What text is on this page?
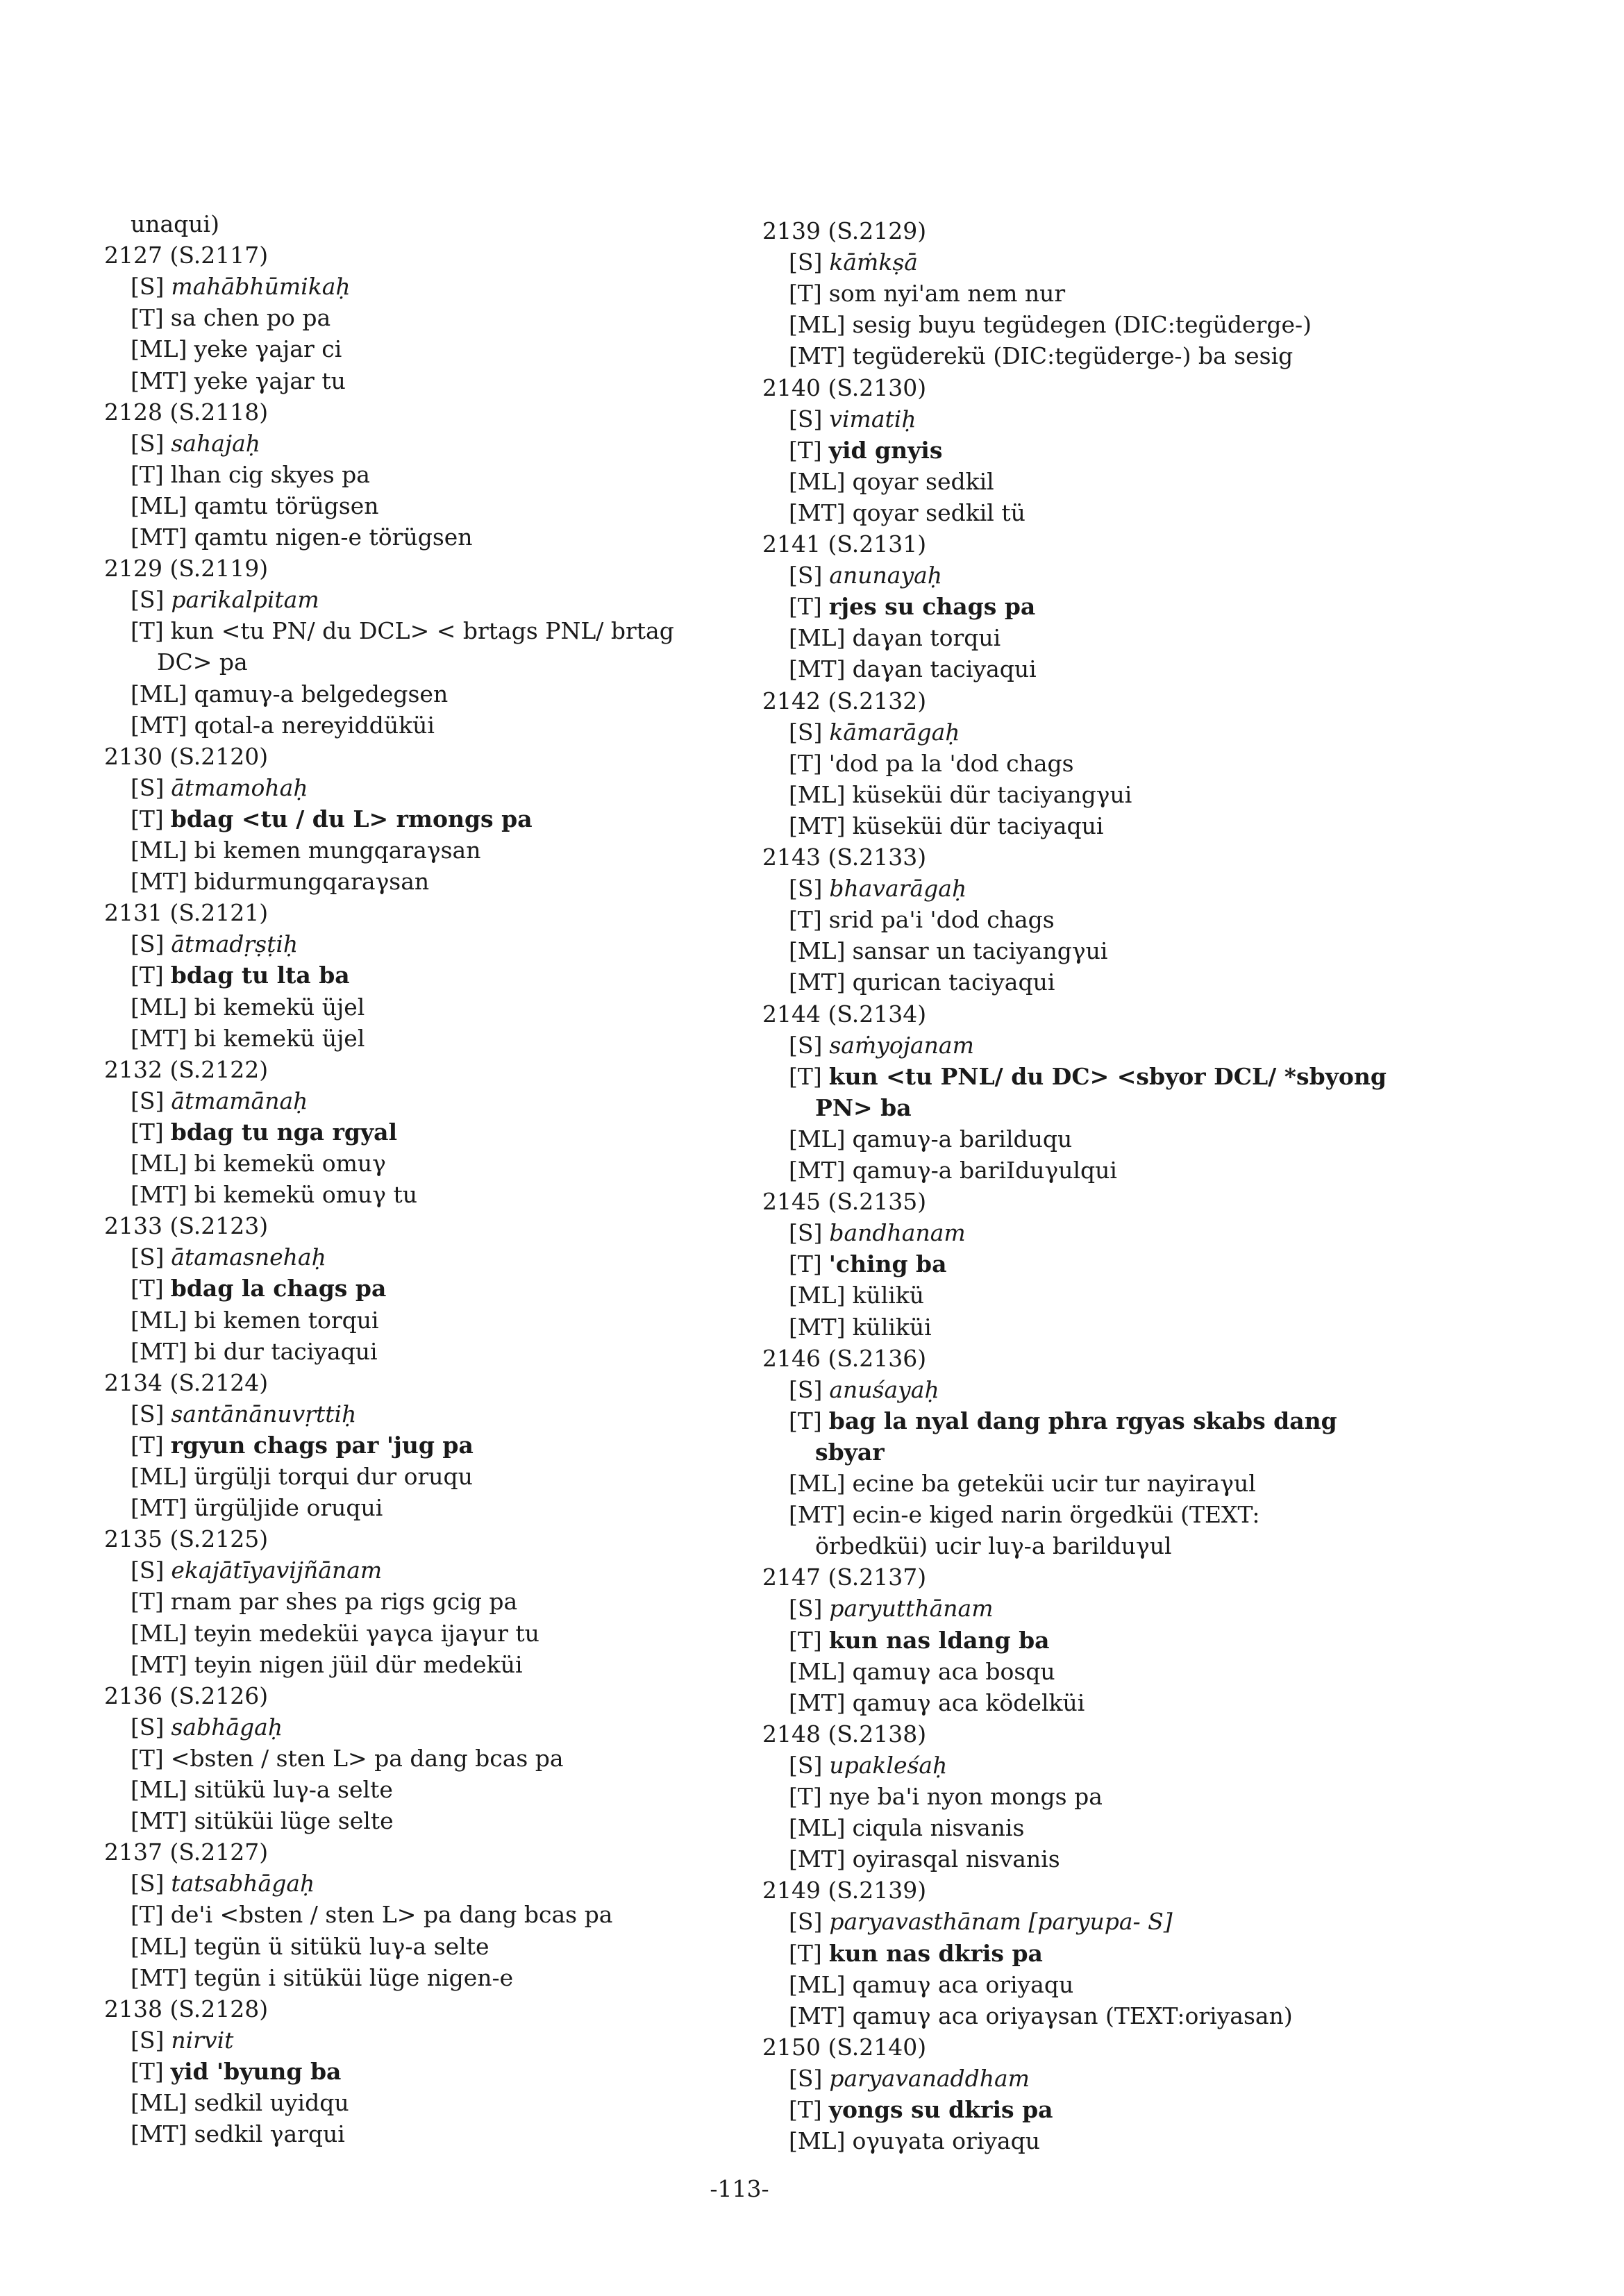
unaqui)
2127 (S.2117)
[S] mahābhūmikaḥ
[T] sa chen po pa
[ML] yeke γajar ci
[MT] yeke γajar tu
2128 (S.2118)
[S] sahajaḥ
[T] lhan cig skyes pa
[ML] qamtu törügsen
[MT] qamtu nigen-e törügsen
2129 (S.2119)
[S] parikalpitam
[T] kun <tu PN/ du DCL> < brtags PNL/ brtag
DC> pa
[ML] qamuγ-a belgedegsen
[MT] qotal-a nereyiddüküi
2130 (S.2120)
[S] ātmamohaḥ
[T] bdag <tu / du L> rmongs pa
[ML] bi kemen mungqaraγsan
[MT] bidurmungqaraγsan
2131 (S.2121)
[S] ātmadṛṣṭiḥ
[T] bdag tu lta ba
[ML] bi kemekü üjel
[MT] bi kemekü üjel
2132 (S.2122)
[S] ātmamānaḥ
[T] bdag tu nga rgyal
[ML] bi kemekü omuγ
[MT] bi kemekü omuγ tu
2133 (S.2123)
[S] ātamasnehaḥ
[T] bdag la chags pa
[ML] bi kemen torqui
[MT] bi dur taciyaqui
2134 (S.2124)
[S] santānānuvṛttiḥ
[T] rgyun chags par 'jug pa
[ML] ürgülji torqui dur oruqu
[MT] ürgüljide oruqui
2135 (S.2125)
[S] ekajātīyavijñānam
[T] rnam par shes pa rigs gcig pa
[ML] teyin medeküi γaγca ijaγur tu
[MT] teyin nigen jüil dür medeküi
2136 (S.2126)
[S] sabhāgaḥ
[T] <bsten / sten L> pa dang bcas pa
[ML] sitükü luγ-a selte
[MT] sitüküi lüge selte
2137 (S.2127)
[S] tatsabhāgaḥ
[T] de'i <bsten / sten L> pa dang bcas pa
[ML] tegün ü sitükü luγ-a selte
[MT] tegün i sitüküi lüge nigen-e
2138 (S.2128)
[S] nirvit
[T] yid 'byung ba
[ML] sedkil uyidqu
[MT] sedkil γarqui
2139 (S.2129)
[S] kāṁkṣā
[T] som nyi'am nem nur
[ML] sesig buyu tegüdegen (DIC:tegüderge-)
[MT] tegüderekü (DIC:tegüderge-) ba sesig
2140 (S.2130)
[S] vimatiḥ
[T] yid gnyis
[ML] qoyar sedkil
[MT] qoyar sedkil tü
2141 (S.2131)
[S] anunayaḥ
[T] rjes su chags pa
[ML] daγan torqui
[MT] daγan taciyaqui
2142 (S.2132)
[S] kāmarāgaḥ
[T] 'dod pa la 'dod chags
[ML] küseküi dür taciyangγui
[MT] küseküi dür taciyaqui
2143 (S.2133)
[S] bhavarāgaḥ
[T] srid pa'i 'dod chags
[ML] sansar un taciyangγui
[MT] qurican taciyaqui
2144 (S.2134)
[S] saṁyojanam
[T] kun <tu PNL/ du DC> <sbyor DCL/ *sbyong
PN> ba
[ML] qamuγ-a barilduqu
[MT] qamuγ-a bariIduγulqui
2145 (S.2135)
[S] bandhanam
[T] 'ching ba
[ML] külikü
[MT] küliküi
2146 (S.2136)
[S] anuśayaḥ
[T] bag la nyal dang phra rgyas skabs dang
sbyar
[ML] ecine ba geteküi ucir tur nayiraγul
[MT] ecin-e kiged narin örgedküi (TEXT:
örbedküi) ucir luγ-a barilduγul
2147 (S.2137)
[S] paryutthānam
[T] kun nas ldang ba
[ML] qamuγ aca bosqu
[MT] qamuγ aca ködelküi
2148 (S.2138)
[S] upakleśaḥ
[T] nye ba'i nyon mongs pa
[ML] ciqula nisvanis
[MT] oyirasqal nisvanis
2149 (S.2139)
[S] paryavasthānam [paryupa- S]
[T] kun nas dkris pa
[ML] qamuγ aca oriyaqu
[MT] qamuγ aca oriyaγsan (TEXT:oriyasan)
2150 (S.2140)
[S] paryavanaddham
[T] yongs su dkris pa
[ML] oγuγata oriyaqu
-113-
